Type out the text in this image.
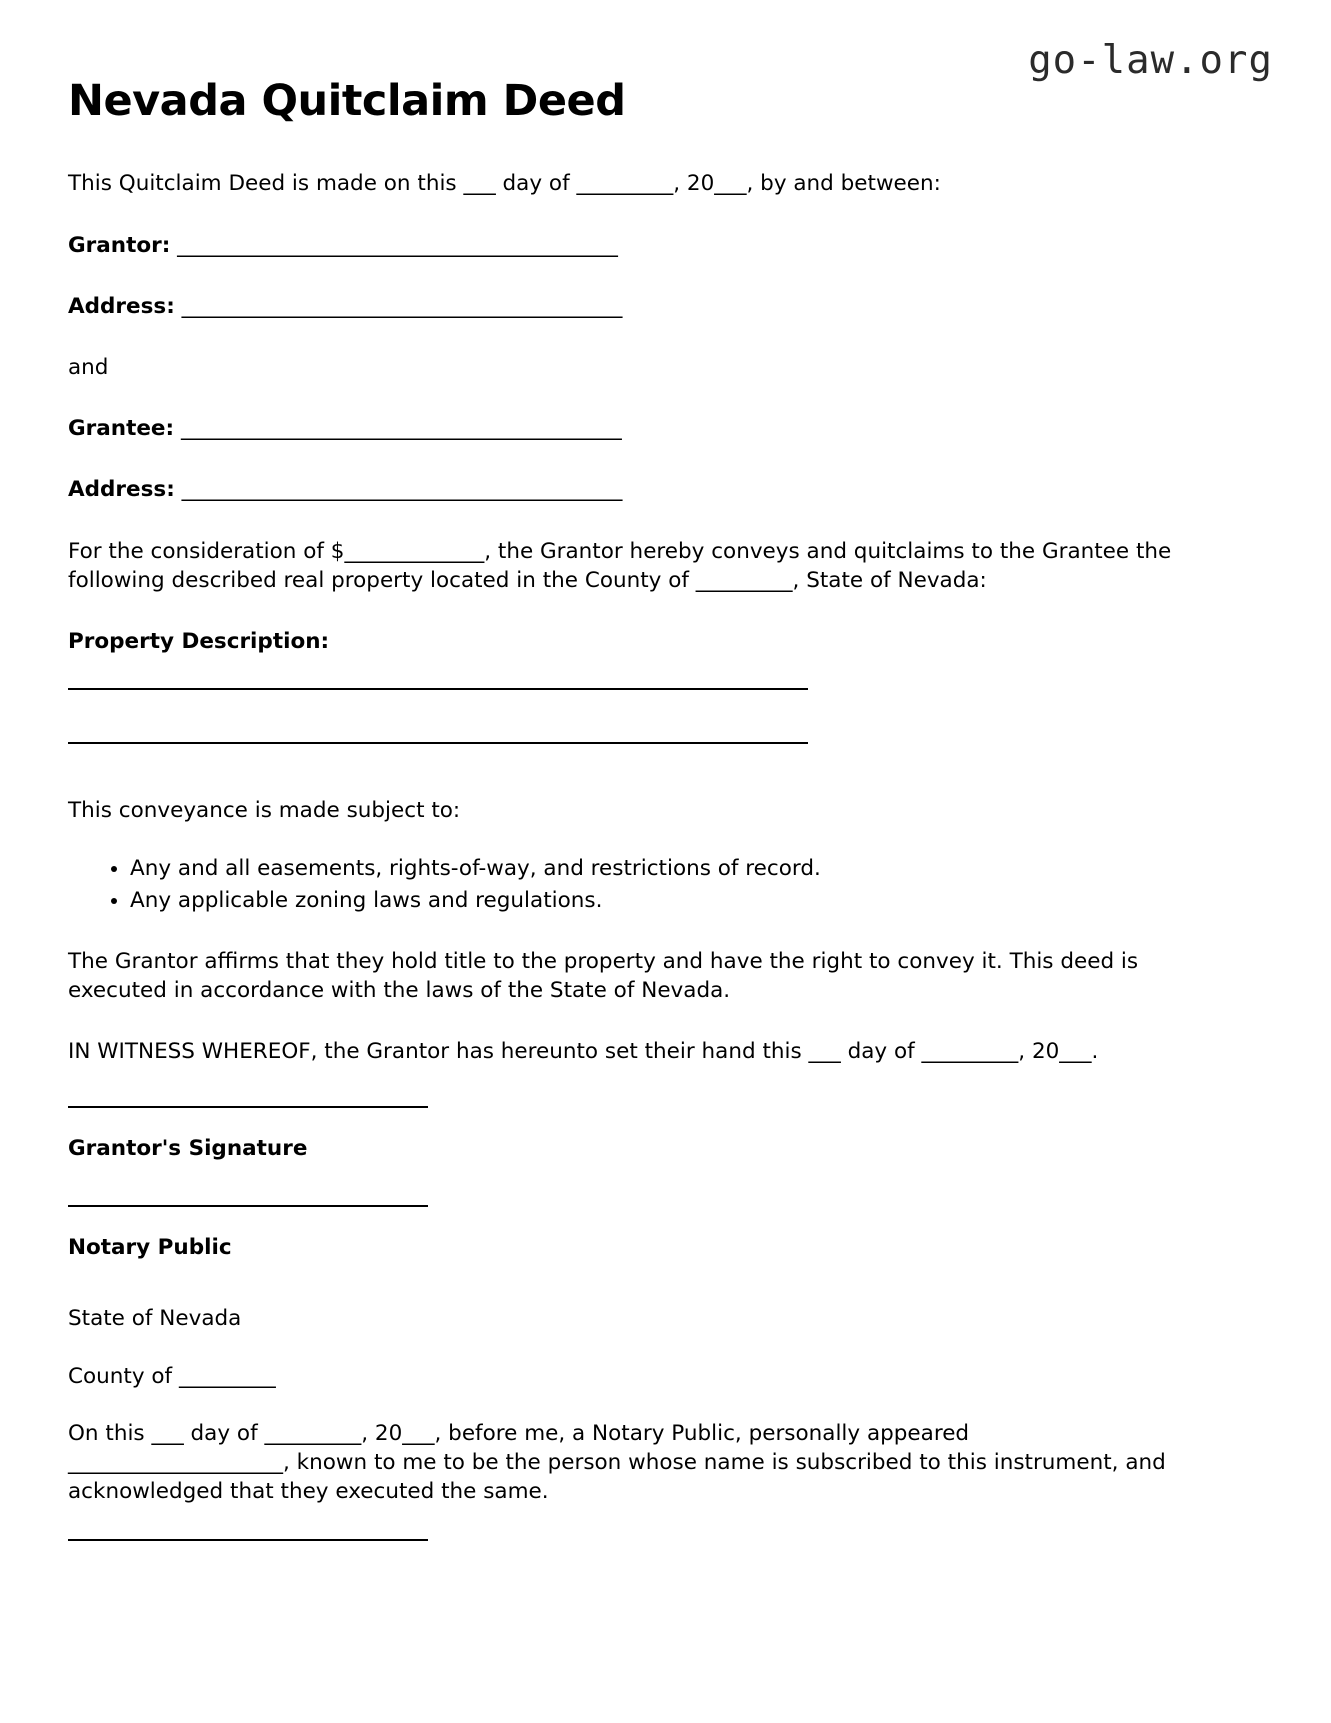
go-law.org
Nevada Quitclaim Deed

This Quitclaim Deed is made on this ___ day of _________, 20___, by and between:

Grantor: _________________________________________

Address: _________________________________________

and

Grantee: _________________________________________

Address: _________________________________________

For the consideration of $_____________, the Grantor hereby conveys and quitclaims to the Grantee the following described real property located in the County of _________, State of Nevada:

Property Description:

This conveyance is made subject to:

• Any and all easements, rights-of-way, and restrictions of record.
• Any applicable zoning laws and regulations.

The Grantor affirms that they hold title to the property and have the right to convey it. This deed is executed in accordance with the laws of the State of Nevada.

IN WITNESS WHEREOF, the Grantor has hereunto set their hand this ___ day of _________, 20___.

Grantor's Signature
Notary Public

State of Nevada

County of _________

On this ___ day of _________, 20___, before me, a Notary Public, personally appeared ____________________, known to me to be the person whose name is subscribed to this instrument, and acknowledged that they executed the same.
